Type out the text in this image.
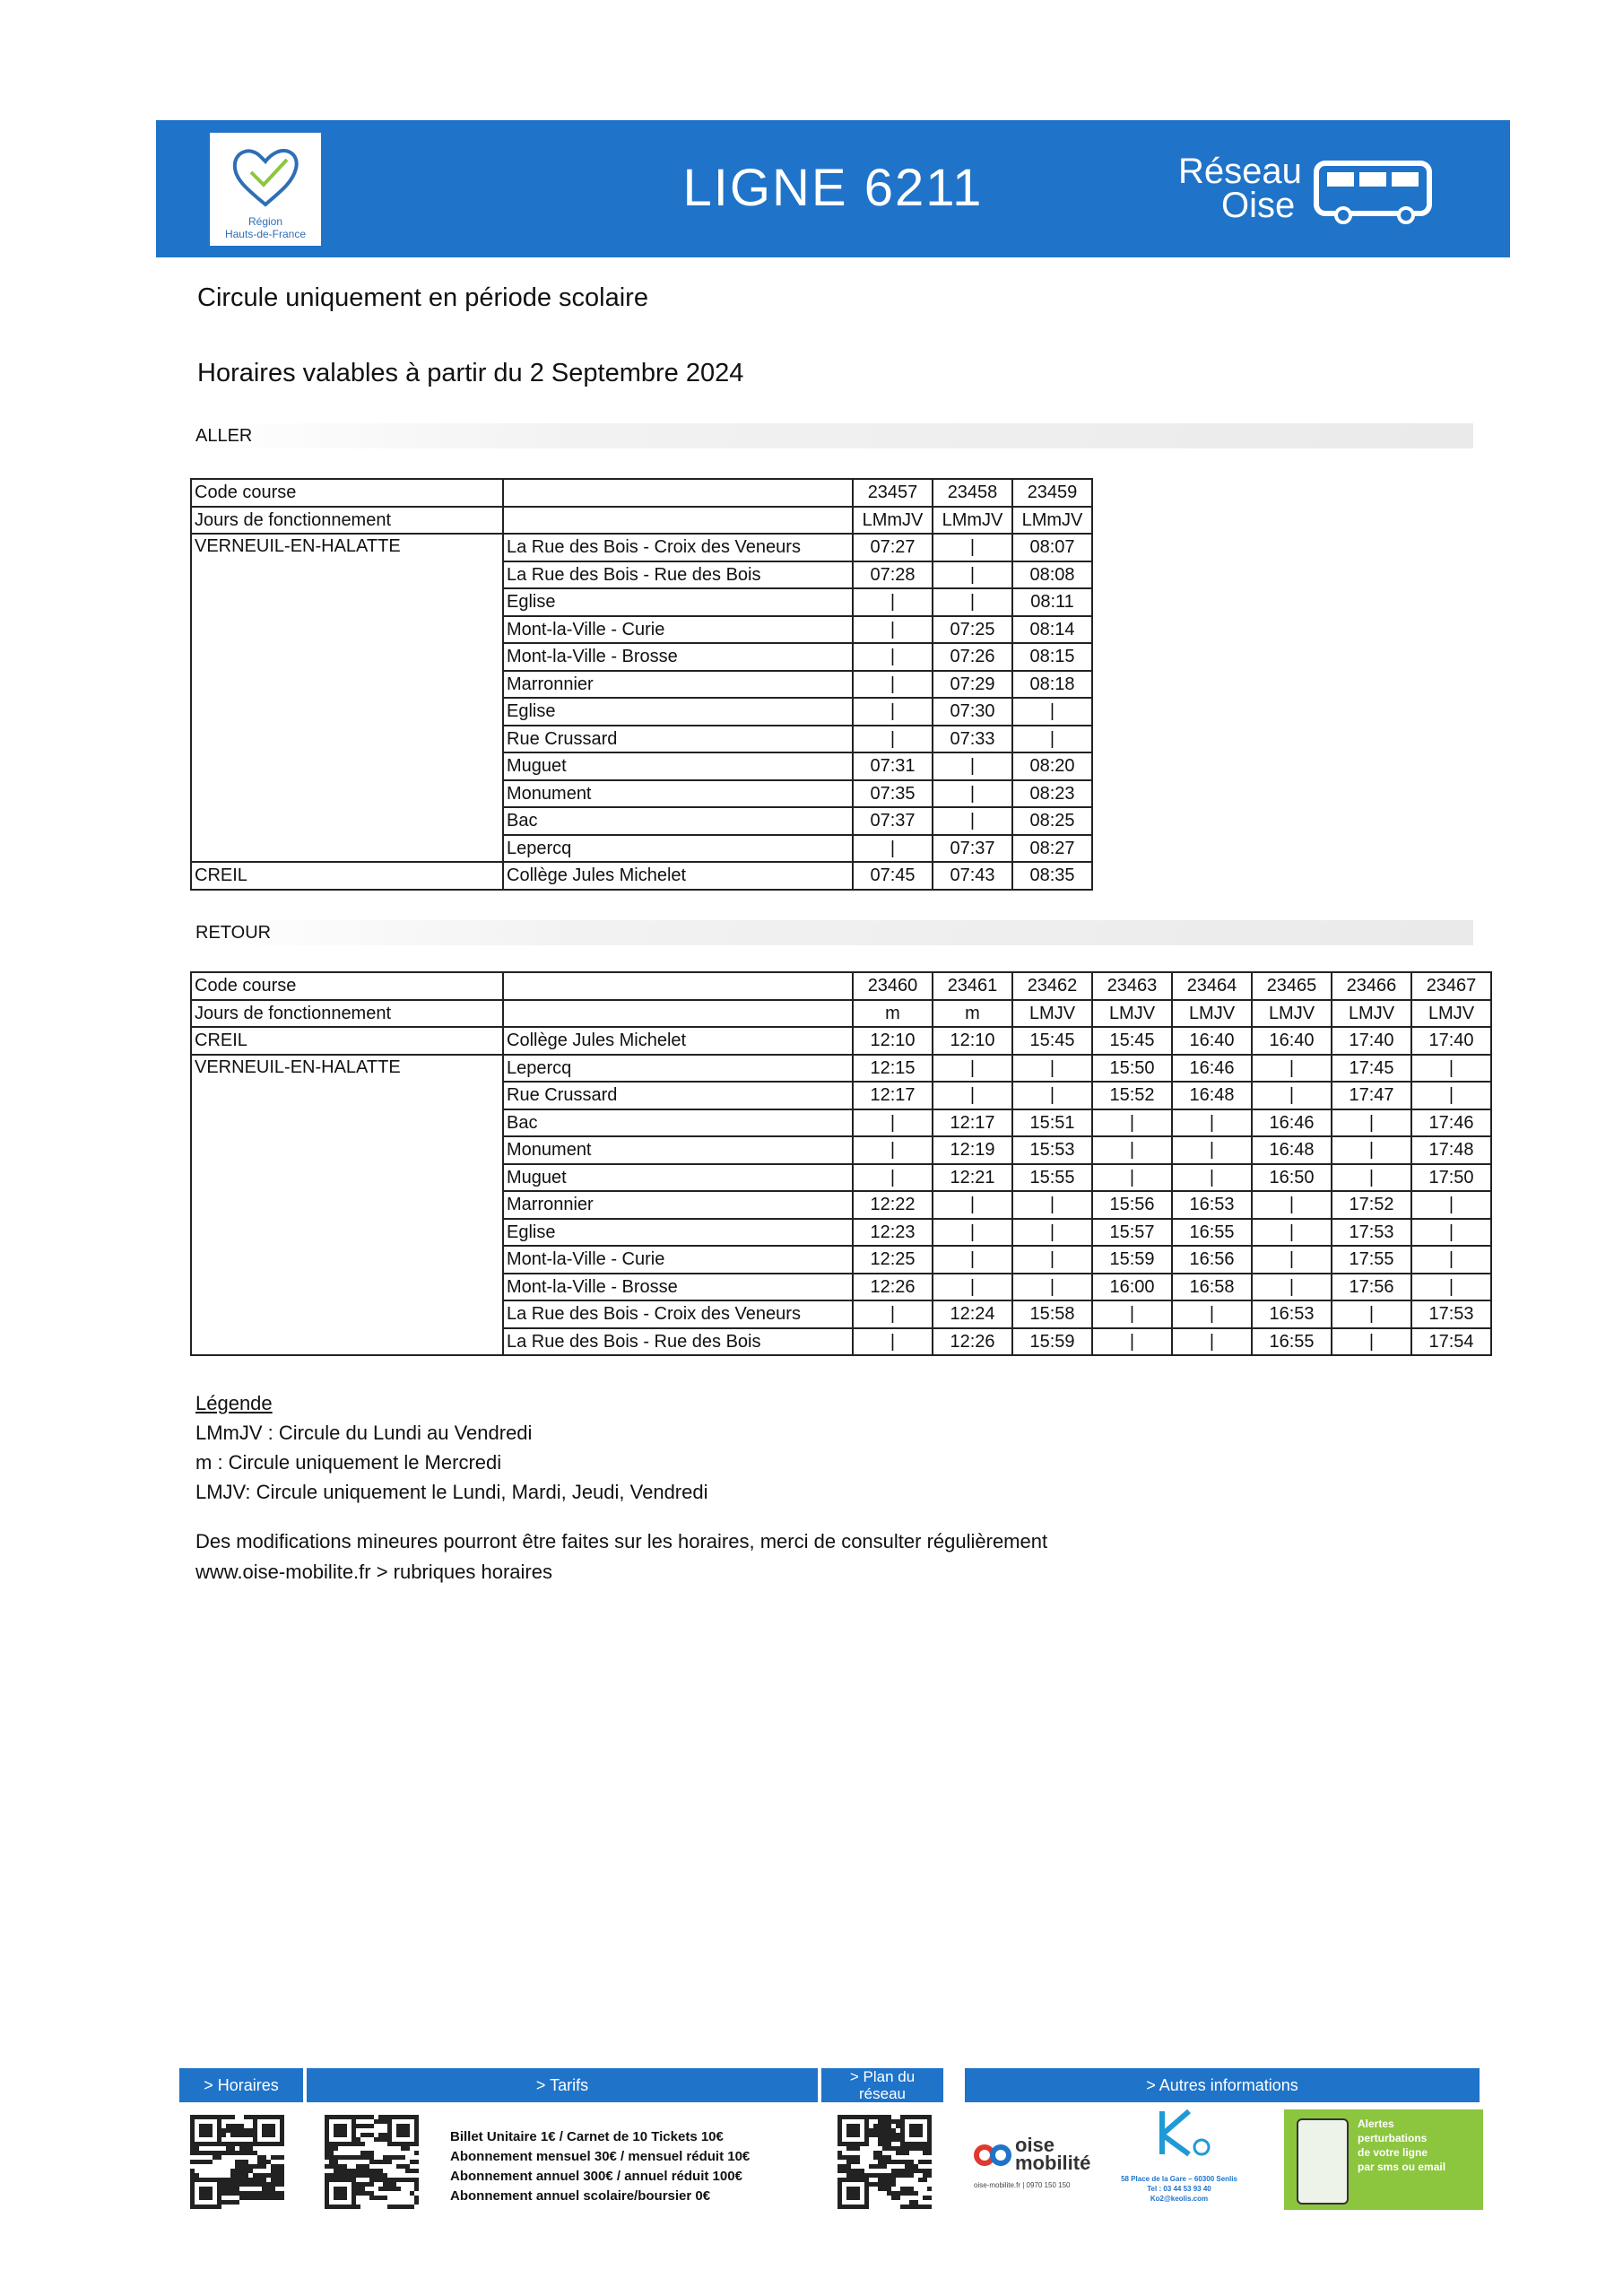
Région
Hauts-de-France
LIGNE 6211	Réseau
Oise
Circule uniquement en période scolaire
Horaires valables à partir du 2 Septembre 2024
ALLER
Code course		23457	23458	23459
Jours de fonctionnement		LMmJV	LMmJV	LMmJV
VERNEUIL-EN-HALATTE	La Rue des Bois - Croix des Veneurs	07:27	|	08:07
	La Rue des Bois - Rue des Bois	07:28	|	08:08
	Eglise	|	|	08:11
	Mont-la-Ville - Curie	|	07:25	08:14
	Mont-la-Ville - Brosse	|	07:26	08:15
	Marronnier	|	07:29	08:18
	Eglise	|	07:30	|
	Rue Crussard	|	07:33	|
	Muguet	07:31	|	08:20
	Monument	07:35	|	08:23
	Bac	07:37	|	08:25
	Lepercq	|	07:37	08:27
CREIL	Collège Jules Michelet	07:45	07:43	08:35
RETOUR
Code course		23460	23461	23462	23463	23464	23465	23466	23467
Jours de fonctionnement		m	m	LMJV	LMJV	LMJV	LMJV	LMJV	LMJV
CREIL	Collège Jules Michelet	12:10	12:10	15:45	15:45	16:40	16:40	17:40	17:40
VERNEUIL-EN-HALATTE	Lepercq	12:15	|	|	15:50	16:46	|	17:45	|
	Rue Crussard	12:17	|	|	15:52	16:48	|	17:47	|
	Bac	|	12:17	15:51	|	|	16:46	|	17:46
	Monument	|	12:19	15:53	|	|	16:48	|	17:48
	Muguet	|	12:21	15:55	|	|	16:50	|	17:50
	Marronnier	12:22	|	|	15:56	16:53	|	17:52	|
	Eglise	12:23	|	|	15:57	16:55	|	17:53	|
	Mont-la-Ville - Curie	12:25	|	|	15:59	16:56	|	17:55	|
	Mont-la-Ville - Brosse	12:26	|	|	16:00	16:58	|	17:56	|
	La Rue des Bois - Croix des Veneurs	|	12:24	15:58	|	|	16:53	|	17:53
	La Rue des Bois - Rue des Bois	|	12:26	15:59	|	|	16:55	|	17:54
Légende
LMmJV : Circule du Lundi au Vendredi
m : Circule uniquement le Mercredi
LMJV: Circule uniquement le Lundi, Mardi, Jeudi, Vendredi
Des modifications mineures pourront être faites sur les horaires, merci de consulter régulièrement
www.oise-mobilite.fr > rubriques horaires
> Horaires	> Tarifs	> Plan du
réseau	> Autres informations
Billet Unitaire 1€ / Carnet de 10 Tickets 10€
Abonnement mensuel 30€ / mensuel réduit 10€
Abonnement annuel 300€ / annuel réduit 100€
Abonnement annuel scolaire/boursier 0€
oise
mobilité
oise-mobilite.fr | 0970 150 150
58 Place de la Gare – 60300 Senlis
Tel : 03 44 53 93 40
Ko2@keolis.com
Alertes
perturbations
de votre ligne
par sms ou email
